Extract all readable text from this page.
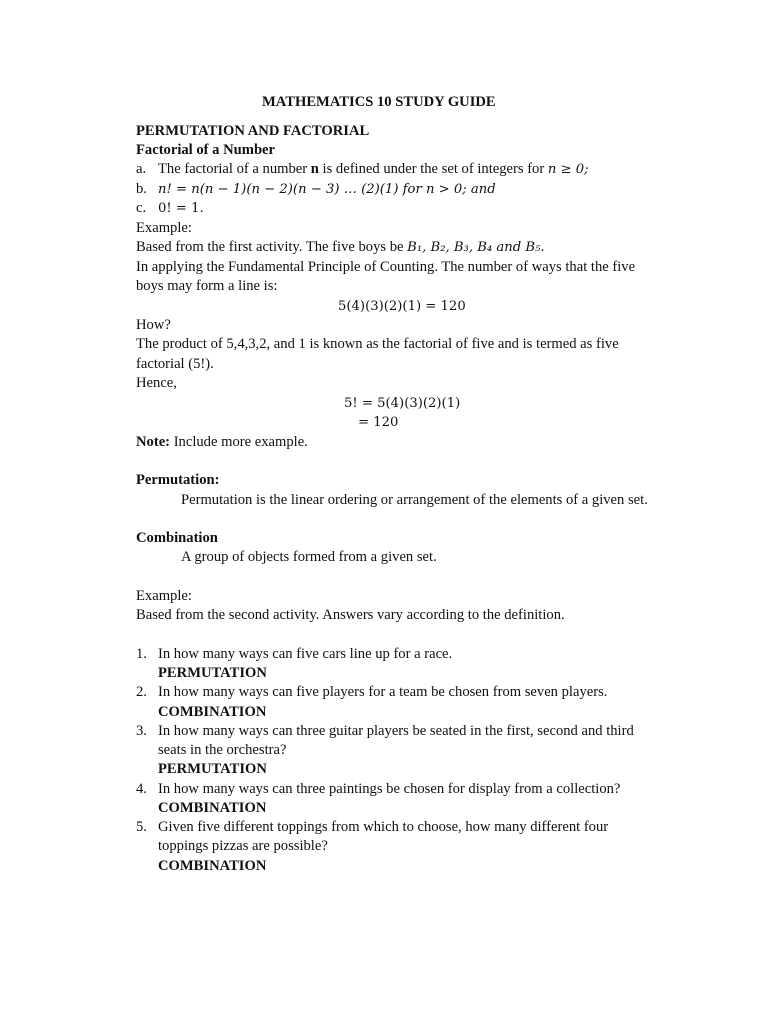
MATHEMATICS 10 STUDY GUIDE
PERMUTATION AND FACTORIAL
Factorial of a Number
a. The factorial of a number n is defined under the set of integers for n ≥ 0;
b. n! = n(n − 1)(n − 2)(n − 3) … (2)(1) for n > 0; and
c. 0! = 1.
Example:
Based from the first activity. The five boys be B₁, B₂, B₃, B₄ and B₅.
In applying the Fundamental Principle of Counting. The number of ways that the five
boys may form a line is:
5(4)(3)(2)(1) = 120
How?
The product of 5,4,3,2, and 1 is known as the factorial of five and is termed as five
factorial (5!).
Hence,
5! = 5(4)(3)(2)(1)
= 120
Note: Include more example.
Permutation:
Permutation is the linear ordering or arrangement of the elements of a given set.
Combination
A group of objects formed from a given set.
Example:
Based from the second activity. Answers vary according to the definition.
1. In how many ways can five cars line up for a race.
PERMUTATION
2. In how many ways can five players for a team be chosen from seven players.
COMBINATION
3. In how many ways can three guitar players be seated in the first, second and third
seats in the orchestra?
PERMUTATION
4. In how many ways can three paintings be chosen for display from a collection?
COMBINATION
5. Given five different toppings from which to choose, how many different four
toppings pizzas are possible?
COMBINATION
